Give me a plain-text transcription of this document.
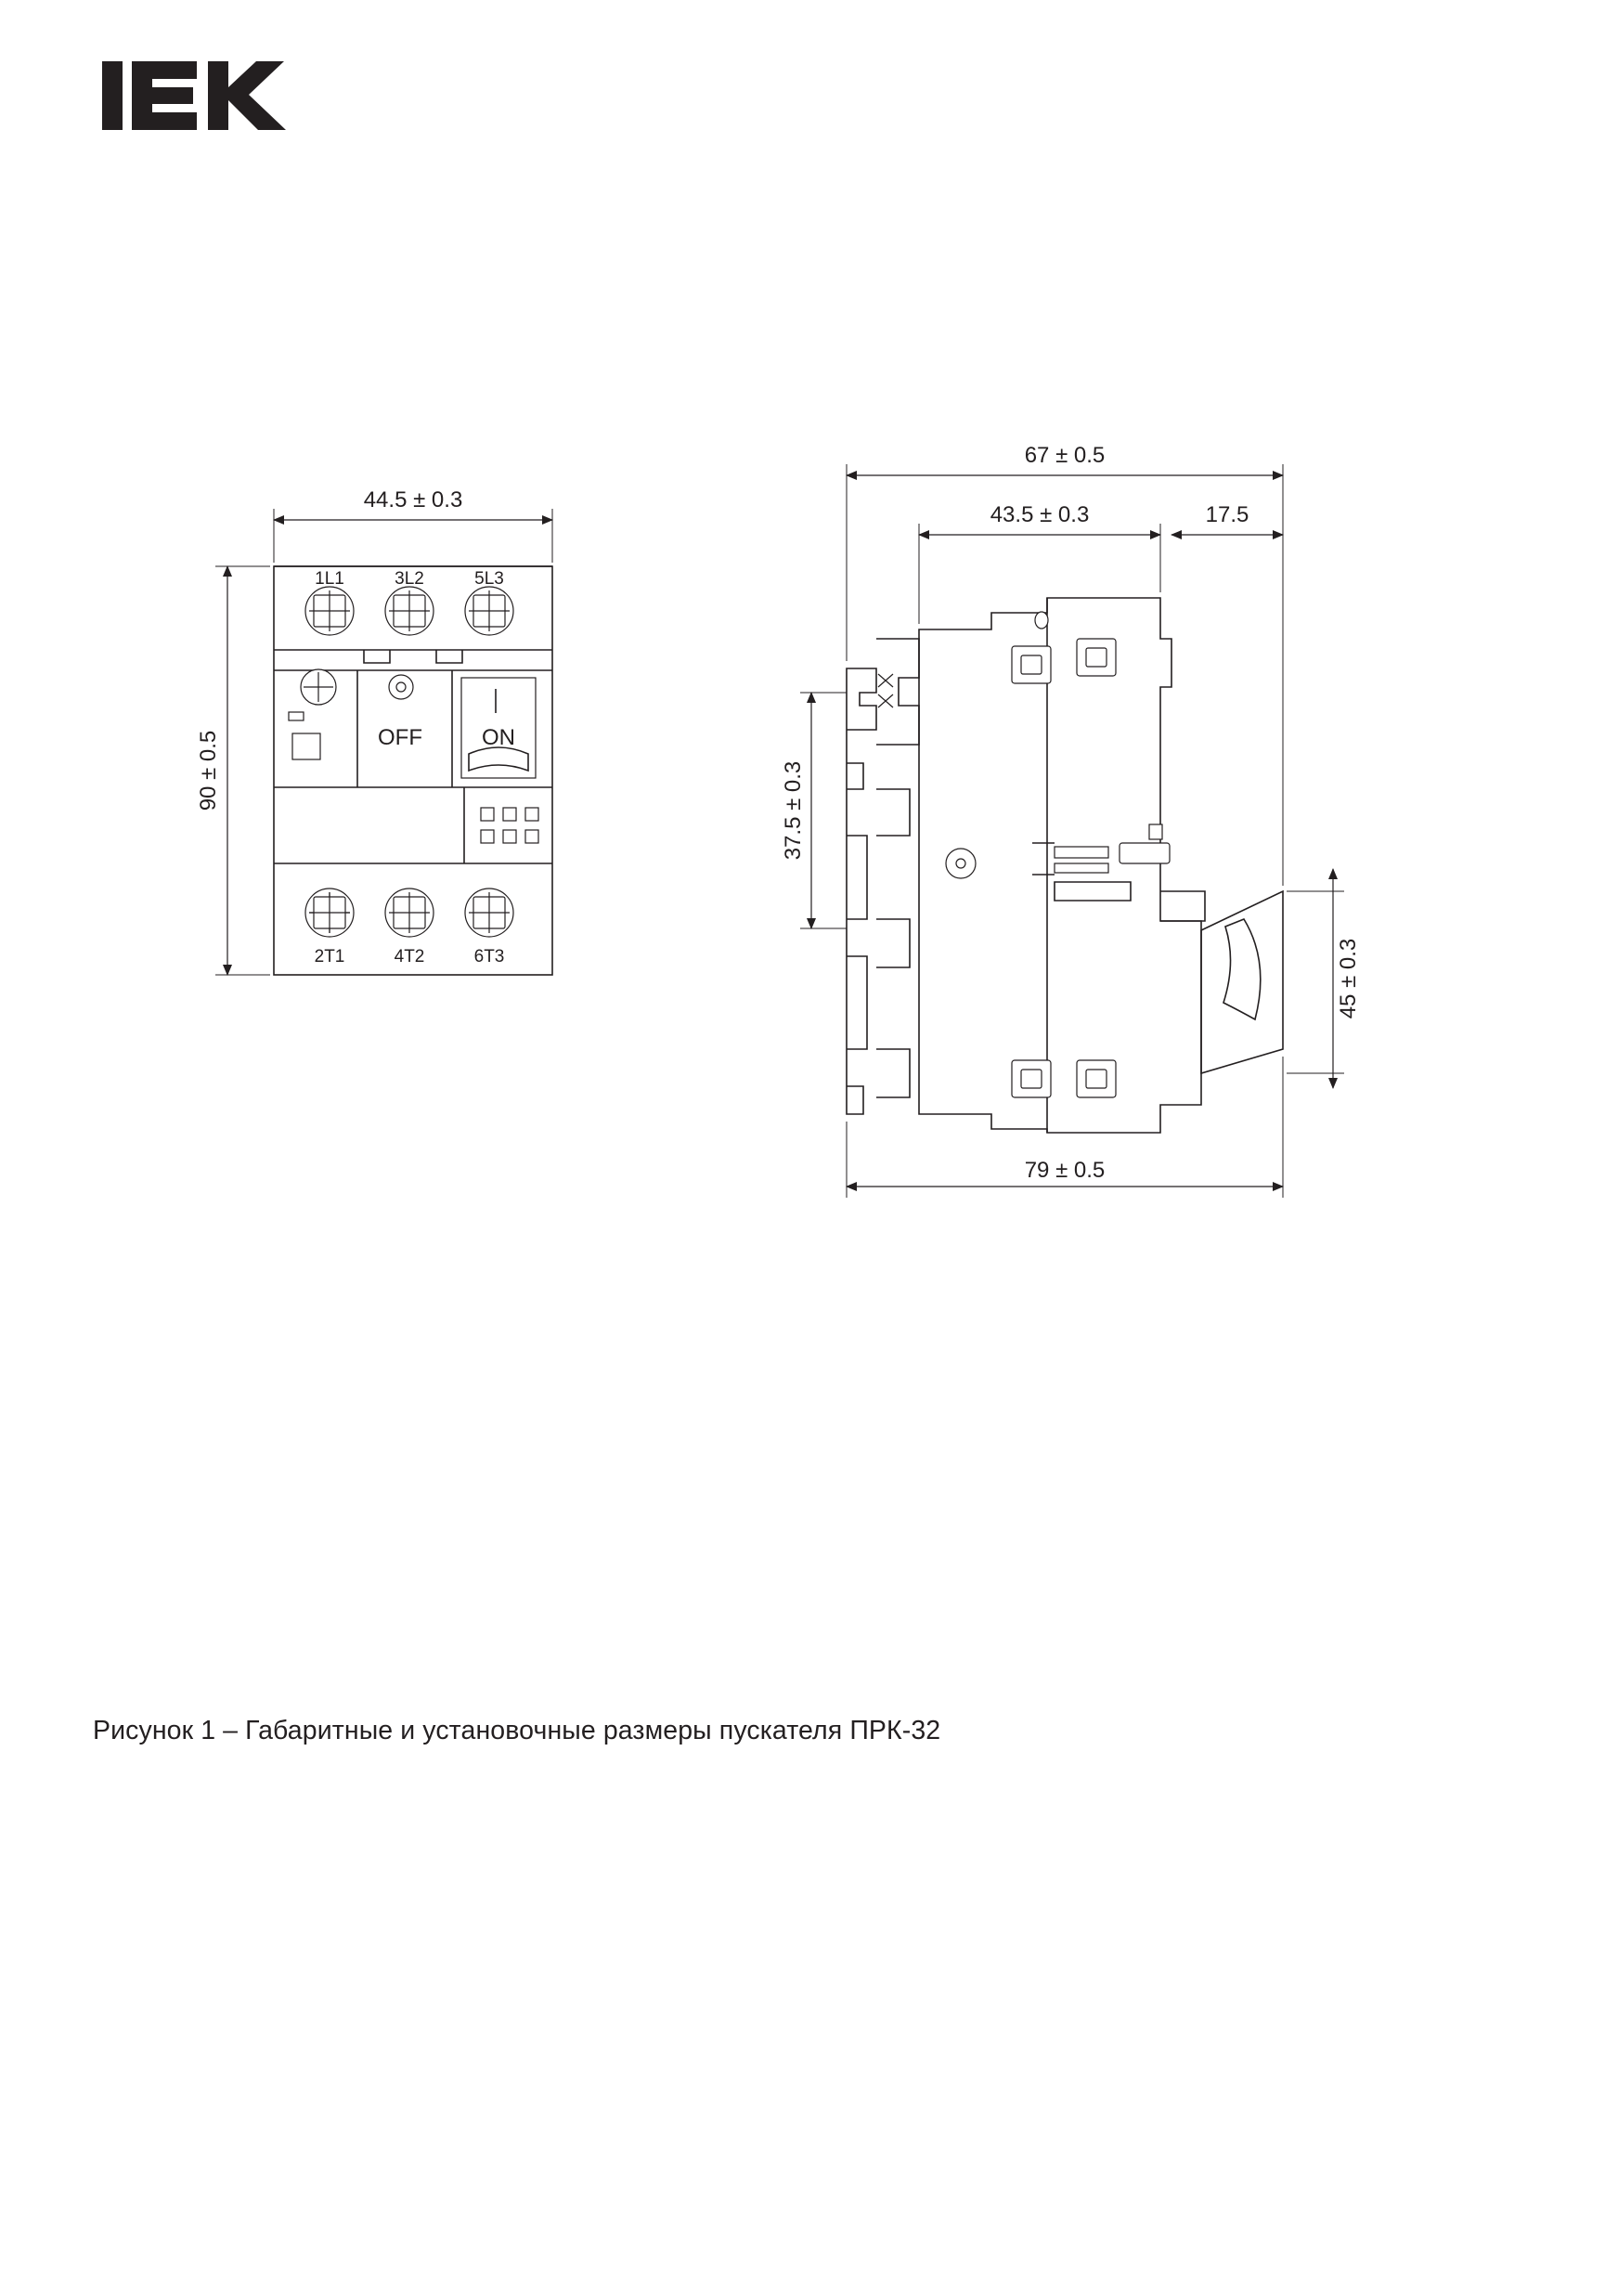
OFF	ON
1L1	3L2	5L3
2T1	4T2	6T3
44.5 ± 0.3
90 ± 0.5
67 ± 0.5
43.5 ± 0.3	17.5
79 ± 0.5
37.5 ± 0.3
45 ± 0.3
Рисунок 1 – Габаритные и установочные размеры пускателя ПРК-32
